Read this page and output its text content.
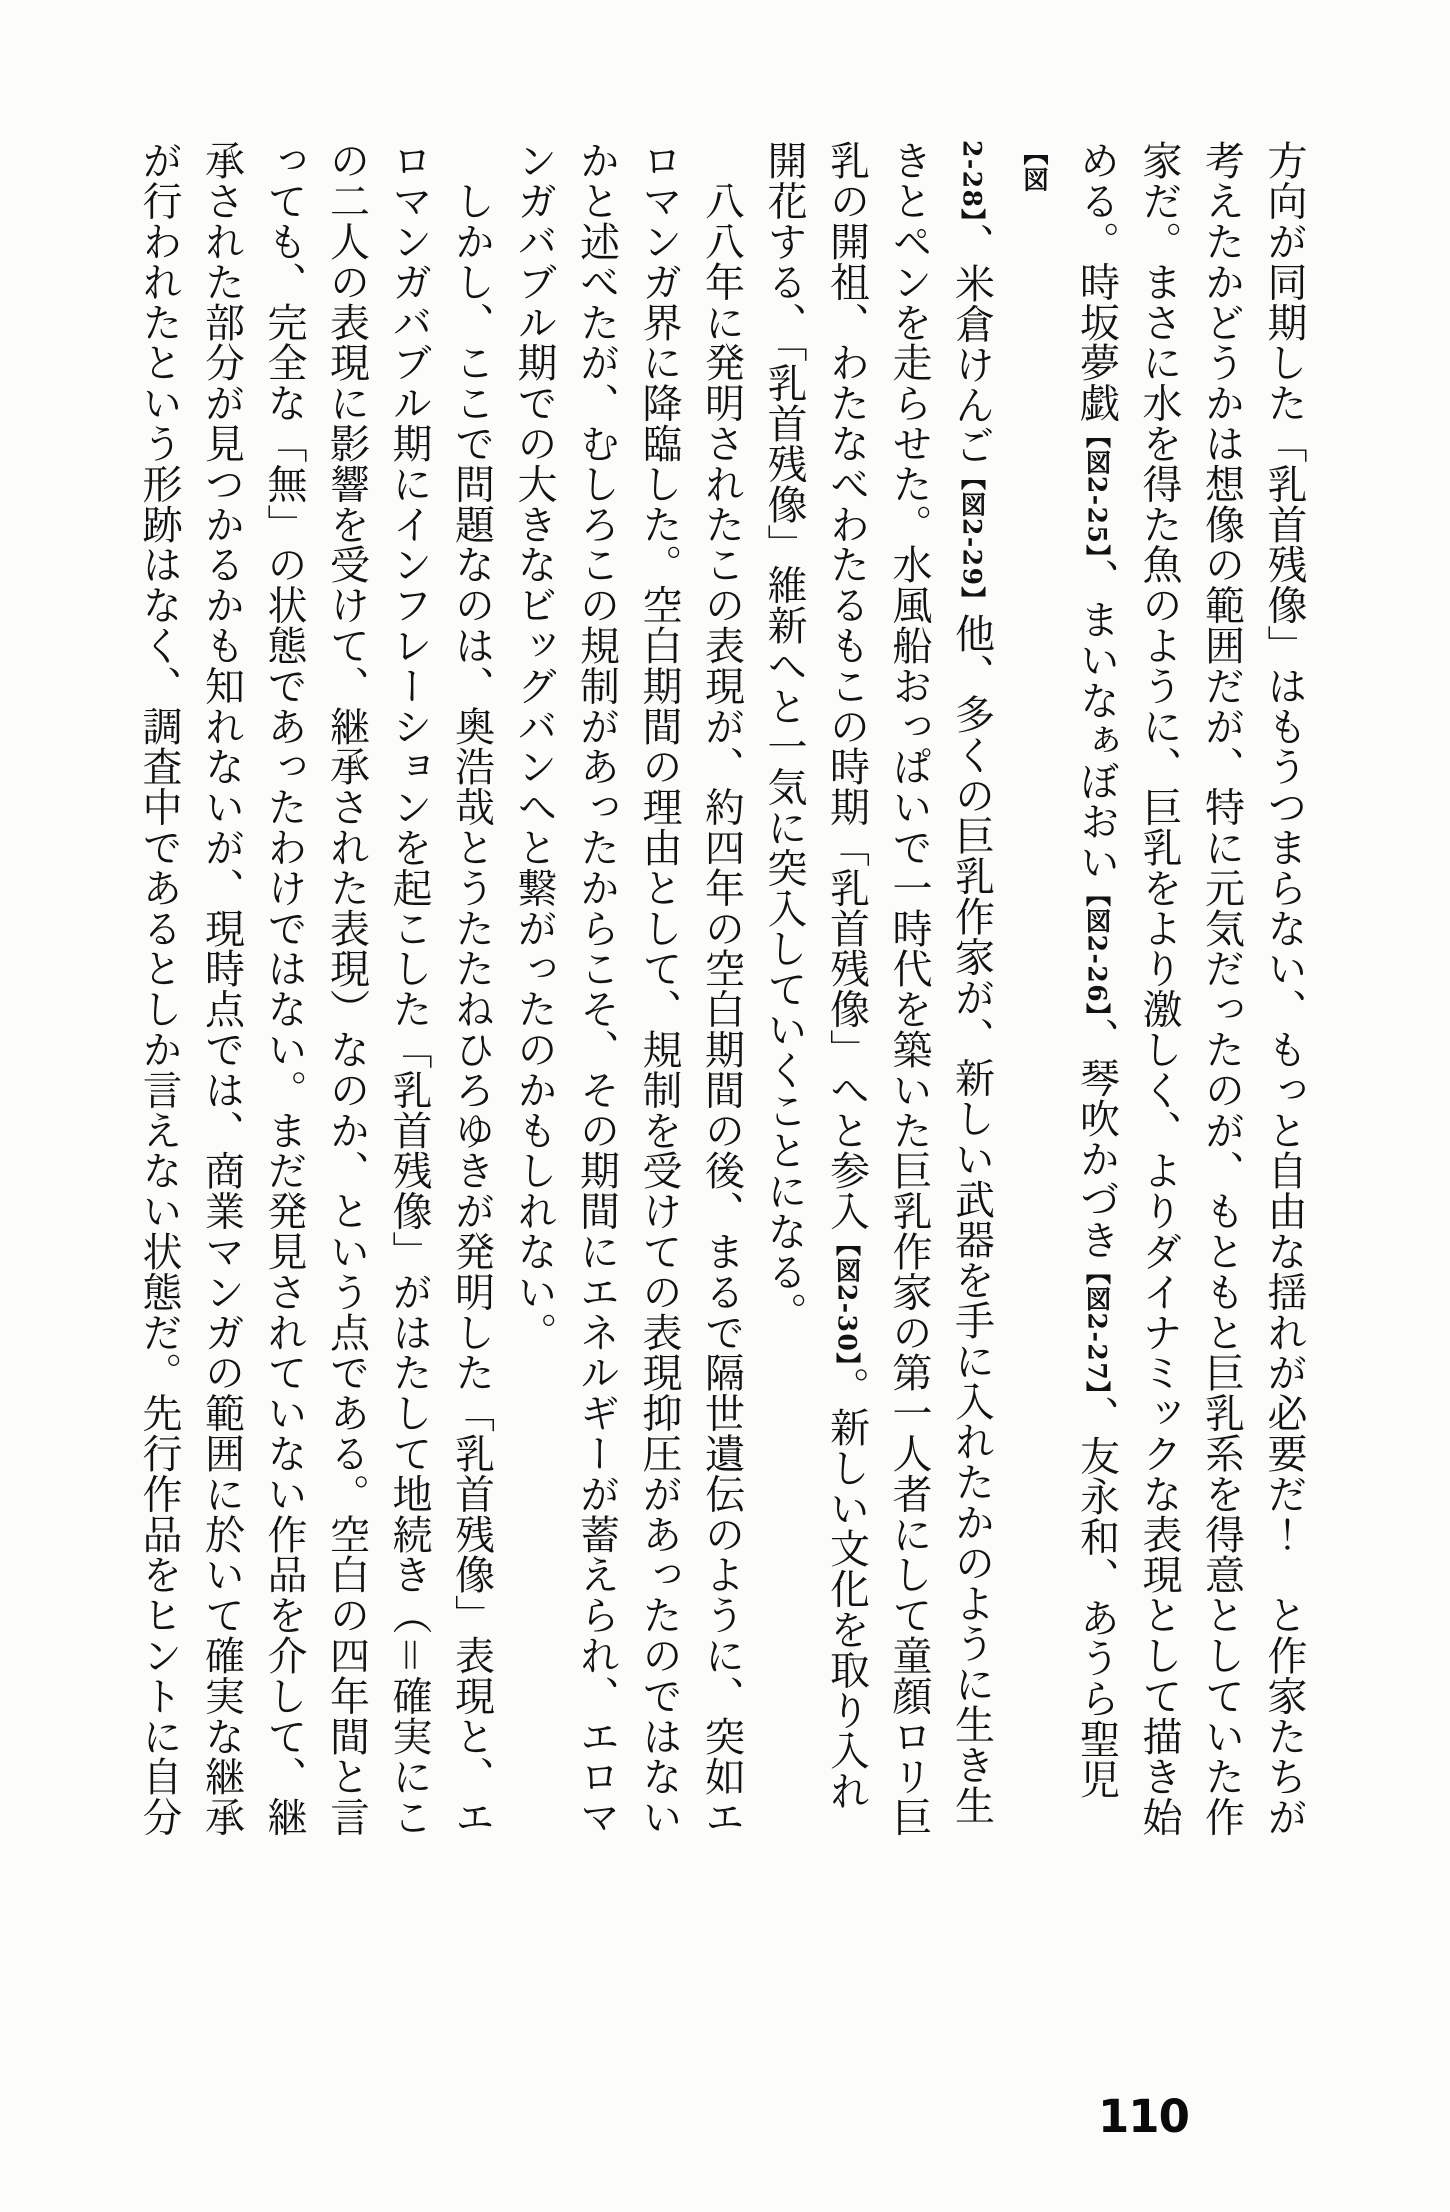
方向が同期した「乳首残像」はもうつまらない、もっと自由な揺れが必要だ！　と作家たちが
考えたかどうかは想像の範囲だが、特に元気だったのが、もともと巨乳系を得意としていた作
家だ。まさに水を得た魚のように、巨乳をより激しく、よりダイナミックな表現として描き始
める。時坂夢戯【図2-25】、まいなぁぼおい【図2-26】、琴吹かづき【図2-27】、友永和、あうら聖児【図
2-28】、米倉けんご【図2-29】他、多くの巨乳作家が、新しい武器を手に入れたかのように生き生
きとペンを走らせた。水風船おっぱいで一時代を築いた巨乳作家の第一人者にして童顔ロリ巨
乳の開祖、わたなべわたるもこの時期「乳首残像」へと参入【図2-30】。新しい文化を取り入れ
開花する、「乳首残像」維新へと一気に突入していくことになる。
　八八年に発明されたこの表現が、約四年の空白期間の後、まるで隔世遺伝のように、突如エ
ロマンガ界に降臨した。空白期間の理由として、規制を受けての表現抑圧があったのではない
かと述べたが、むしろこの規制があったからこそ、その期間にエネルギーが蓄えられ、エロマ
ンガバブル期での大きなビッグバンへと繋がったのかもしれない。
　しかし、ここで問題なのは、奥浩哉とうたたねひろゆきが発明した「乳首残像」表現と、エ
ロマンガバブル期にインフレーションを起こした「乳首残像」がはたして地続き（＝確実にこ
の二人の表現に影響を受けて、継承された表現）なのか、という点である。空白の四年間と言
っても、完全な「無」の状態であったわけではない。まだ発見されていない作品を介して、継
承された部分が見つかるかも知れないが、現時点では、商業マンガの範囲に於いて確実な継承
が行われたという形跡はなく、調査中であるとしか言えない状態だ。先行作品をヒントに自分
110
